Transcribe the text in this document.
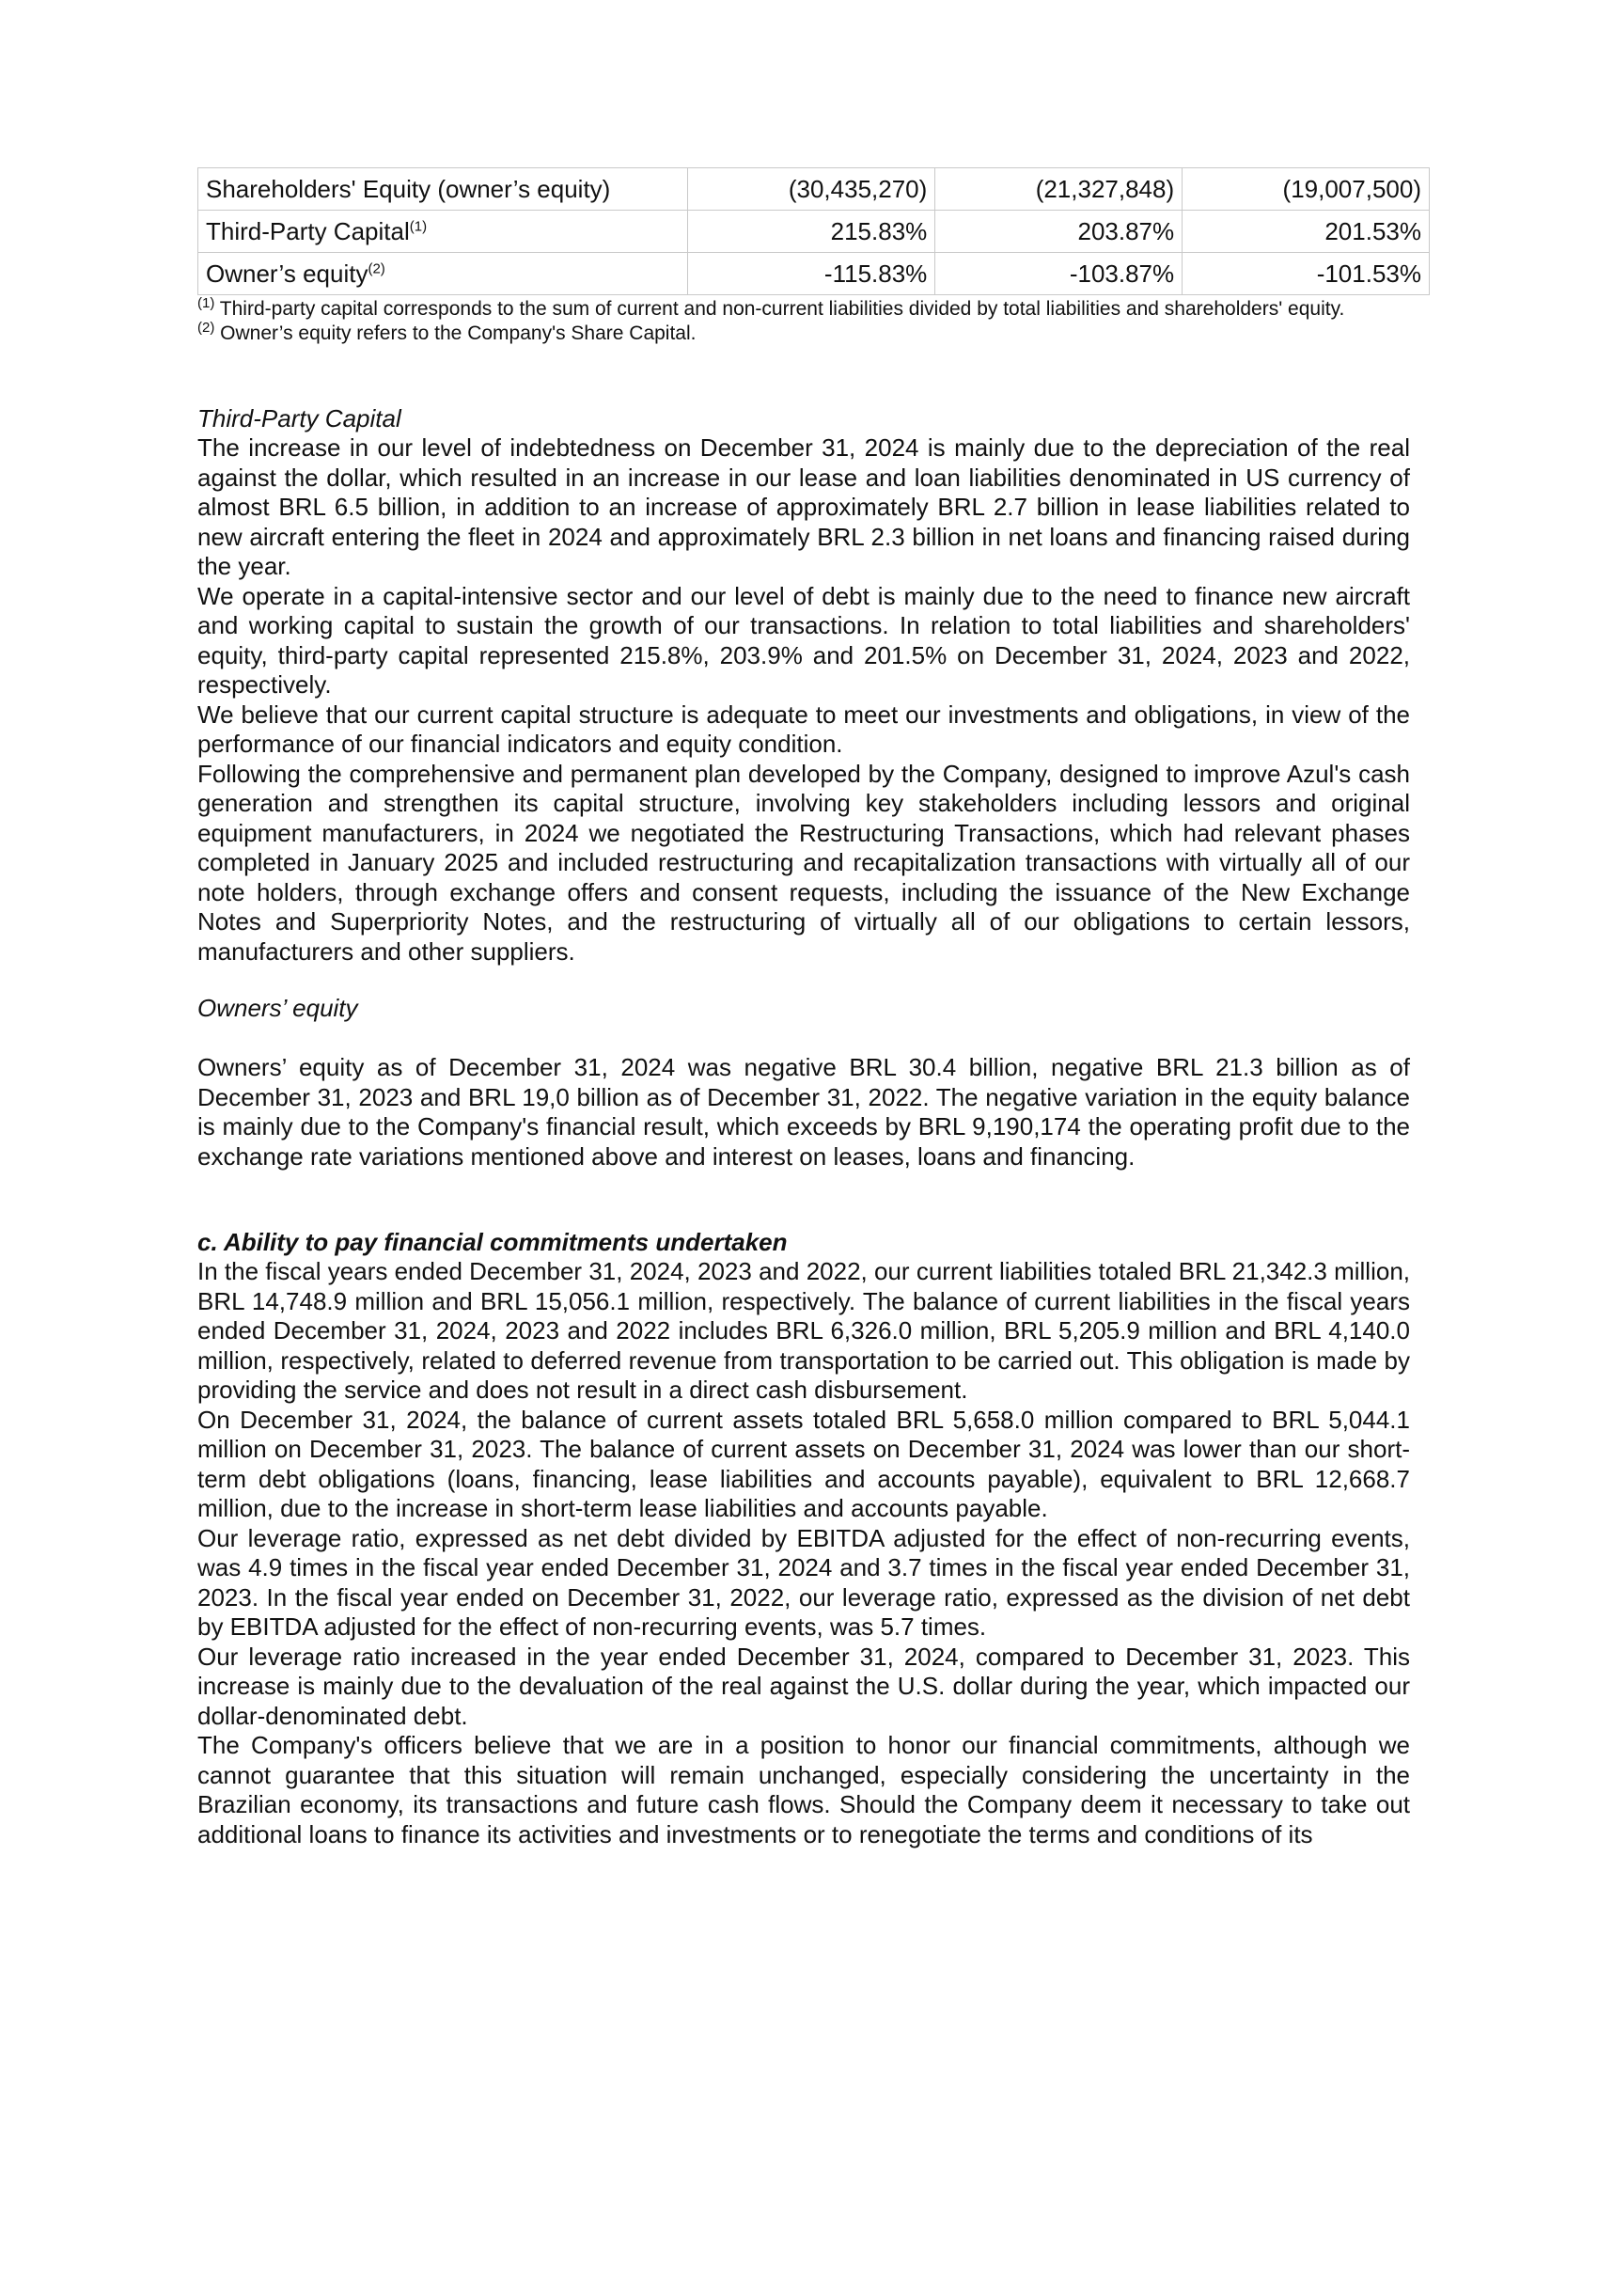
Shareholders' Equity (owner’s equity)	(30,435,270)	(21,327,848)	(19,007,500)
Third-Party Capital$^{(1)}$	215.83%	203.87%	201.53%
Owner’s equity$^{(2)}$	-115.83%	-103.87%	-101.53%

$^{(1)}$ Third-party capital corresponds to the sum of current and non-current liabilities divided by total liabilities and shareholders' equity.

$^{(2)}$ Owner’s equity refers to the Company's Share Capital.

Third-Party Capital

The increase in our level of indebtedness on December 31, 2024 is mainly due to the depreciation of the real against the dollar, which resulted in an increase in our lease and loan liabilities denominated in US currency of almost BRL 6.5 billion, in addition to an increase of approximately BRL 2.7 billion in lease liabilities related to new aircraft entering the fleet in 2024 and approximately BRL 2.3 billion in net loans and financing raised during the year.

We operate in a capital-intensive sector and our level of debt is mainly due to the need to finance new aircraft and working capital to sustain the growth of our transactions. In relation to total liabilities and shareholders' equity, third-party capital represented 215.8%, 203.9% and 201.5% on December 31, 2024, 2023 and 2022, respectively.

We believe that our current capital structure is adequate to meet our investments and obligations, in view of the performance of our financial indicators and equity condition.

Following the comprehensive and permanent plan developed by the Company, designed to improve Azul's cash generation and strengthen its capital structure, involving key stakeholders including lessors and original equipment manufacturers, in 2024 we negotiated the Restructuring Transactions, which had relevant phases completed in January 2025 and included restructuring and recapitalization transactions with virtually all of our note holders, through exchange offers and consent requests, including the issuance of the New Exchange Notes and Superpriority Notes, and the restructuring of virtually all of our obligations to certain lessors, manufacturers and other suppliers.

Owners’ equity

Owners’ equity as of December 31, 2024 was negative BRL 30.4 billion, negative BRL 21.3 billion as of December 31, 2023 and BRL 19,0 billion as of December 31, 2022. The negative variation in the equity balance is mainly due to the Company's financial result, which exceeds by BRL 9,190,174 the operating profit due to the exchange rate variations mentioned above and interest on leases, loans and financing.

c. Ability to pay financial commitments undertaken

In the fiscal years ended December 31, 2024, 2023 and 2022, our current liabilities totaled BRL 21,342.3 million, BRL 14,748.9 million and BRL 15,056.1 million, respectively. The balance of current liabilities in the fiscal years ended December 31, 2024, 2023 and 2022 includes BRL 6,326.0 million, BRL 5,205.9 million and BRL 4,140.0 million, respectively, related to deferred revenue from transportation to be carried out. This obligation is made by providing the service and does not result in a direct cash disbursement.

On December 31, 2024, the balance of current assets totaled BRL 5,658.0 million compared to BRL 5,044.1 million on December 31, 2023. The balance of current assets on December 31, 2024 was lower than our short-term debt obligations (loans, financing, lease liabilities and accounts payable), equivalent to BRL 12,668.7 million, due to the increase in short-term lease liabilities and accounts payable.

Our leverage ratio, expressed as net debt divided by EBITDA adjusted for the effect of non-recurring events, was 4.9 times in the fiscal year ended December 31, 2024 and 3.7 times in the fiscal year ended December 31, 2023. In the fiscal year ended on December 31, 2022, our leverage ratio, expressed as the division of net debt by EBITDA adjusted for the effect of non-recurring events, was 5.7 times.

Our leverage ratio increased in the year ended December 31, 2024, compared to December 31, 2023. This increase is mainly due to the devaluation of the real against the U.S. dollar during the year, which impacted our dollar-denominated debt.

The Company's officers believe that we are in a position to honor our financial commitments, although we cannot guarantee that this situation will remain unchanged, especially considering the uncertainty in the Brazilian economy, its transactions and future cash flows. Should the Company deem it necessary to take out additional loans to finance its activities and investments or to renegotiate the terms and conditions of its
